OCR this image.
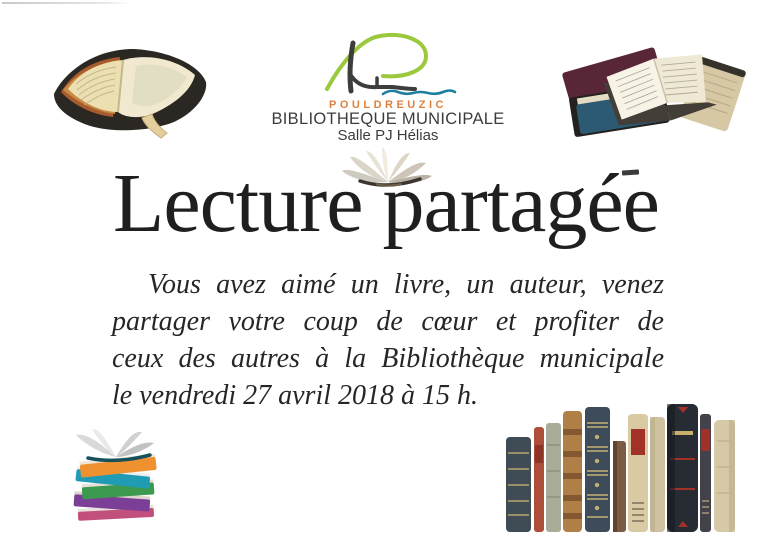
POULDREUZIC
BIBLIOTHEQUE MUNICIPALE
Salle PJ Hélias
Lecture partagée
Vous avez aimé un livre, un auteur, venez
partager votre coup de cœur et profiter de
ceux des autres à la Bibliothèque municipale
le vendredi 27 avril 2018 à 15 h.
